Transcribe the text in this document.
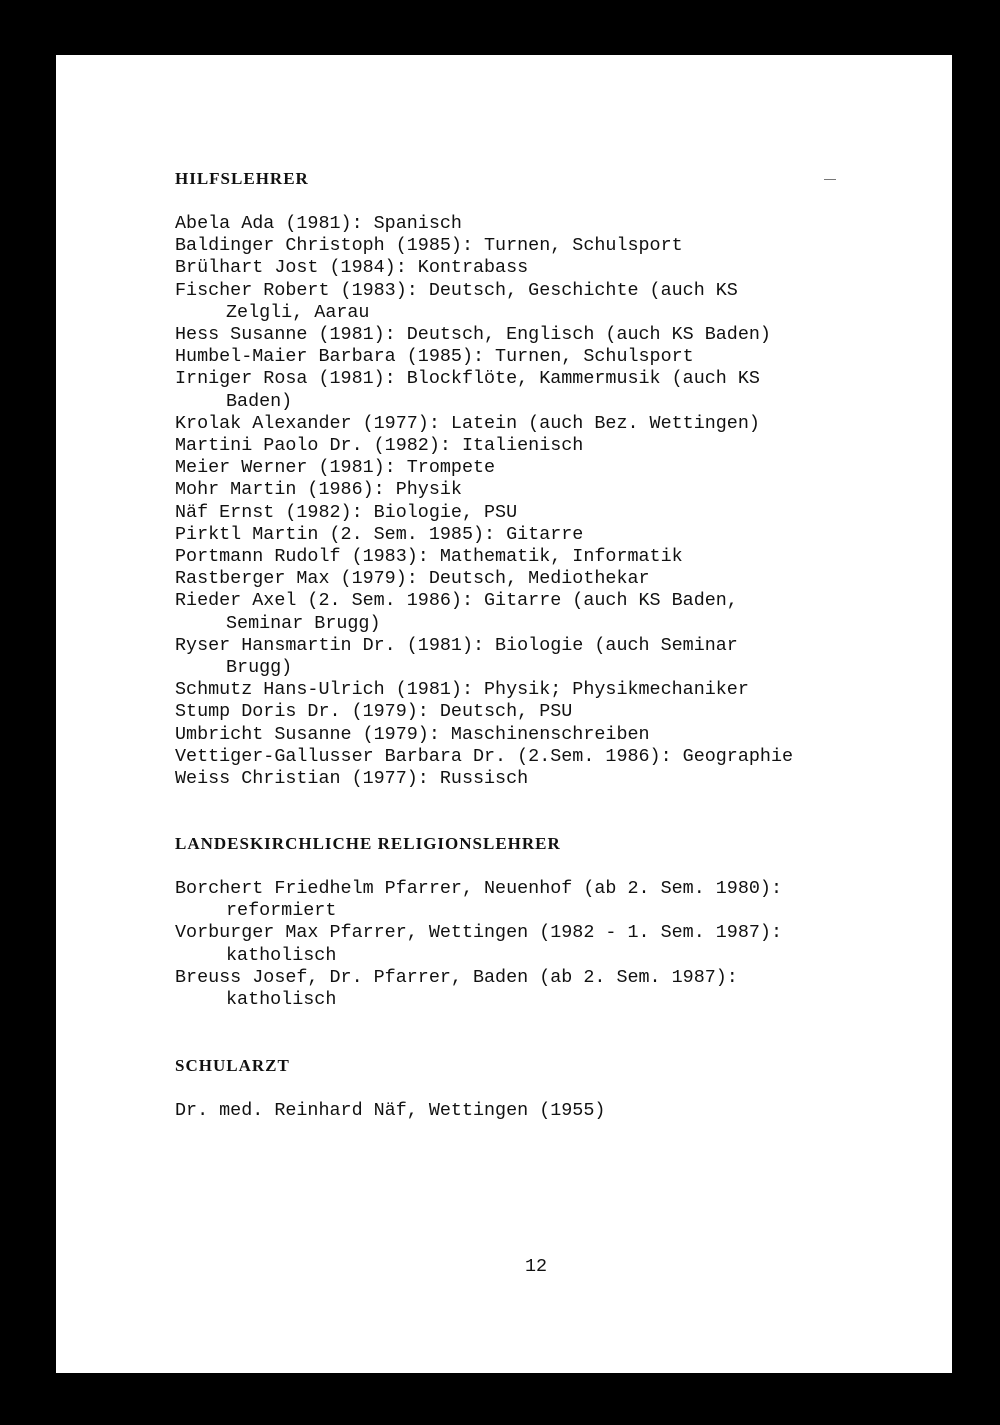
HILFSLEHRER
Abela Ada (1981): Spanisch
Baldinger Christoph (1985): Turnen, Schulsport
Brülhart Jost (1984): Kontrabass
Fischer Robert (1983): Deutsch, Geschichte (auch KS
Zelgli, Aarau
Hess Susanne (1981): Deutsch, Englisch (auch KS Baden)
Humbel-Maier Barbara (1985): Turnen, Schulsport
Irniger Rosa (1981): Blockflöte, Kammermusik (auch KS
Baden)
Krolak Alexander (1977): Latein (auch Bez. Wettingen)
Martini Paolo Dr. (1982): Italienisch
Meier Werner (1981): Trompete
Mohr Martin (1986): Physik
Näf Ernst (1982): Biologie, PSU
Pirktl Martin (2. Sem. 1985): Gitarre
Portmann Rudolf (1983): Mathematik, Informatik
Rastberger Max (1979): Deutsch, Mediothekar
Rieder Axel (2. Sem. 1986): Gitarre (auch KS Baden,
Seminar Brugg)
Ryser Hansmartin Dr. (1981): Biologie (auch Seminar
Brugg)
Schmutz Hans-Ulrich (1981): Physik; Physikmechaniker
Stump Doris Dr. (1979): Deutsch, PSU
Umbricht Susanne (1979): Maschinenschreiben
Vettiger-Gallusser Barbara Dr. (2.Sem. 1986): Geographie
Weiss Christian (1977): Russisch
LANDESKIRCHLICHE RELIGIONSLEHRER
Borchert Friedhelm Pfarrer, Neuenhof (ab 2. Sem. 1980):
reformiert
Vorburger Max Pfarrer, Wettingen (1982 - 1. Sem. 1987):
katholisch
Breuss Josef, Dr. Pfarrer, Baden (ab 2. Sem. 1987):
katholisch
SCHULARZT
Dr. med. Reinhard Näf, Wettingen (1955)
12
